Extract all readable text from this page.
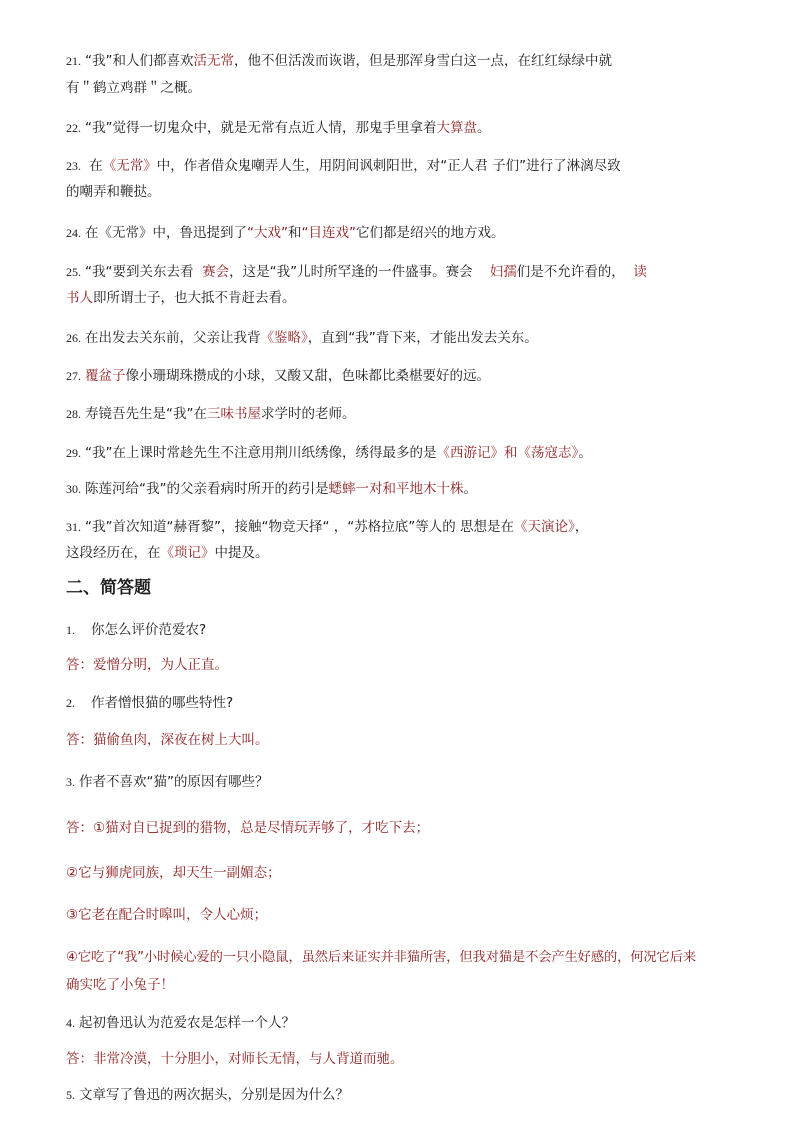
21. “我”和人们都喜欢活无常，他不但活泼而诙谐，但是那浑身雪白这一点，在红红绿绿中就
有＂鹤立鸡群＂之概。
22. “我”觉得一切鬼众中，就是无常有点近人情，那鬼手里拿着大算盘。
23. 在《无常》中，作者借众鬼嘲弄人生，用阴间讽刺阳世，对“正人君 子们”进行了淋漓尽致
的嘲弄和鞭挞。
24. 在《无常》中，鲁迅提到了“大戏”和“目连戏”它们都是绍兴的地方戏。
25. “我“要到关东去看 赛会，这是“我”儿时所罕逢的一件盛事。赛会 妇孺们是不允许看的， 读
书人即所谓士子，也大抵不肯赶去看。
26. 在出发去关东前，父亲让我背《鉴略》，直到“我”背下来，才能出发去关东。
27. 覆盆子像小珊瑚珠攒成的小球，又酸又甜，色味都比桑椹要好的远。
28. 寿镜吾先生是“我”在三味书屋求学时的老师。
29. “我”在上课时常趁先生不注意用荆川纸绣像，绣得最多的是《西游记》和《荡寇志》。
30. 陈莲河给“我”的父亲看病时所开的药引是蟋蟀一对和平地木十株。
31. “我”首次知道“赫胥黎”，接触“物竞天择“ ，“苏格拉底”等人的 思想是在《天演论》，
这段经历在，在《琐记》中提及。
二、简答题
1. 你怎么评价范爱农?
答：爱憎分明，为人正直。
2. 作者憎恨猫的哪些特性?
答：猫偷鱼肉，深夜在树上大叫。
3. 作者不喜欢“猫”的原因有哪些？
答：①猫对自已捉到的猎物，总是尽情玩弄够了，才吃下去；
②它与狮虎同族，却天生一副媚态；
③它老在配合时嗥叫，令人心烦；
④它吃了“我”小时候心爱的一只小隐鼠，虽然后来证实并非猫所害，但我对猫是不会产生好感的，何况它后来
确实吃了小兔子！
4. 起初鲁迅认为范爱农是怎样一个人？
答：非常冷漠，十分胆小，对师长无情，与人背道而驰。
5. 文章写了鲁迅的两次据头，分别是因为什么？
